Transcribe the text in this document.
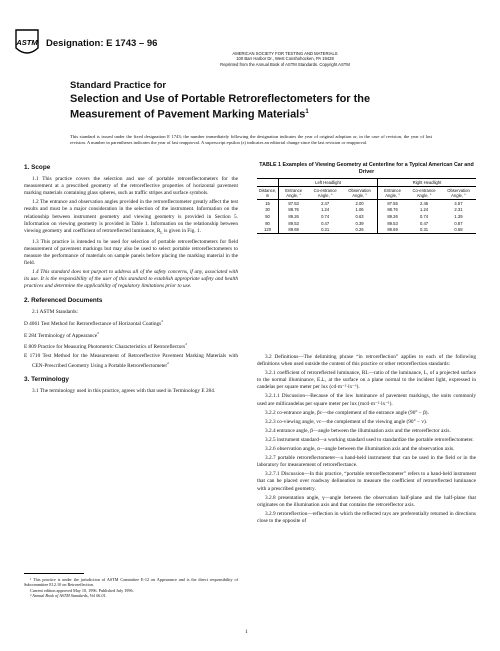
ASTM Designation: E 1743 – 96
AMERICAN SOCIETY FOR TESTING AND MATERIALS
100 Barr Harbor Dr., West Conshohocken, PA 19428
Reprinted from the Annual Book of ASTM Standards. Copyright ASTM
Standard Practice for
Selection and Use of Portable Retroreflectometers for the Measurement of Pavement Marking Materials$^1$
This standard is issued under the fixed designation E 1743; the number immediately following the designation indicates the year of original adoption or, in the case of revision, the year of last revision. A number in parentheses indicates the year of last reapproval. A superscript epsilon (ε) indicates an editorial change since the last revision or reapproval.
1. Scope

1.1 This practice covers the selection and use of portable retroreflectometers for the measurement at a prescribed geometry of the retroreflective properties of horizontal pavement marking materials containing glass spheres, such as traffic stripes and surface symbols.

1.2 The entrance and observation angles provided in the retroreflectometer greatly affect the test results and must be a major consideration in the selection of the instrument. Information on the relationship between instrument geometry and viewing geometry is provided in Section 5. Information on viewing geometry is provided in Table 1. Information on the relationship between viewing geometry and coefficient of retroreflected luminance, $R_L$ is given in Fig. 1.

1.3 This practice is intended to be used for selection of portable retroreflectometers for field measurement of pavement markings but may also be used to select portable retroreflectometers to measure the performance of materials on sample panels before placing the marking material in the field.

1.4 This standard does not purport to address all of the safety concerns, if any, associated with its use. It is the responsibility of the user of this standard to establish appropriate safety and health practices and determine the applicability of regulatory limitations prior to use.

2. Referenced Documents

2.1 ASTM Standards:

D 4061 Test Method for Retroreflectance of Horizontal Coatings$^2$

E 284 Terminology of Appearance$^2$

E 809 Practice for Measuring Photometric Characteristics of Retroreflectors$^2$

E 1710 Test Method for the Measurement of Retroreflective Pavement Marking Materials with CEN-Prescribed Geometry Using a Portable Retroreflectometer$^2$

3. Terminology

3.1 The terminology used in this practice, agrees with that used in Terminology E 284.

¹ This practice is under the jurisdiction of ASTM Committee E-12 on Appearance and is the direct responsibility of Subcommittee E12.10 on Retroreflection.

Current edition approved May 10, 1996. Published July 1996.

² Annual Book of ASTM Standards, Vol 06.01.

TABLE 1 Examples of Viewing Geometry at Centerline for a Typical American Car and Driver
	Left Headlight			Right Headlight		
Distance, m	Entrance Angle, °	Co-entrance Angle, °	Observation Angle, °	Entrance Angle, °	Co-entrance Angle, °	Observation Angle, °
15	87.53	2.47	2.00	87.55	2.45	4.57
30	88.76	1.24	1.06	88.76	1.24	2.31
50	89.26	0.74	0.63	89.26	0.74	1.39
80	89.53	0.47	0.39	89.53	0.47	0.87
120	89.69	0.31	0.26	89.69	0.31	0.58

3.2 Definitions—The delimiting phrase “in retroreflection” applies to each of the following definitions when used outside the content of this practice or other retroreflection standards:

3.2.1 coefficient of retroreflected luminance, RL—ratio of the luminance, L, of a projected surface to the normal illuminance, E⊥, at the surface on a plane normal to the incident light, expressed in candelas per square meter per lux (cd·m⁻²·lx⁻¹).

3.2.1.1 Discussion—Because of the low luminance of pavement markings, the units commonly used are millicandelas per square meter per lux (mcd·m⁻²·lx⁻¹).

3.2.2 co-entrance angle, βc—the complement of the entrance angle (90° − β).

3.2.3 co-viewing angle, vc—the complement of the viewing angle (90° − v).

3.2.4 entrance angle, β—angle between the illumination axis and the retroreflector axis.

3.2.5 instrument standard—a working standard used to standardize the portable retroreflectometer.

3.2.6 observation angle, α—angle between the illumination axis and the observation axis.

3.2.7 portable retroreflectometer—a hand-held instrument that can be used in the field or in the laboratory for measurement of retroreflectance.

3.2.7.1 Discussion—In this practice, “portable retroreflectometer” refers to a hand-held instrument that can be placed over roadway delineation to measure the coefficient of retroreflected luminance with a prescribed geometry.

3.2.8 presentation angle, γ—angle between the observation half-plane and the half-plane that originates on the illumination axis and that contains the retroreflector axis.

3.2.9 retroreflection—reflection in which the reflected rays are preferentially returned in directions close to the opposite of

1
